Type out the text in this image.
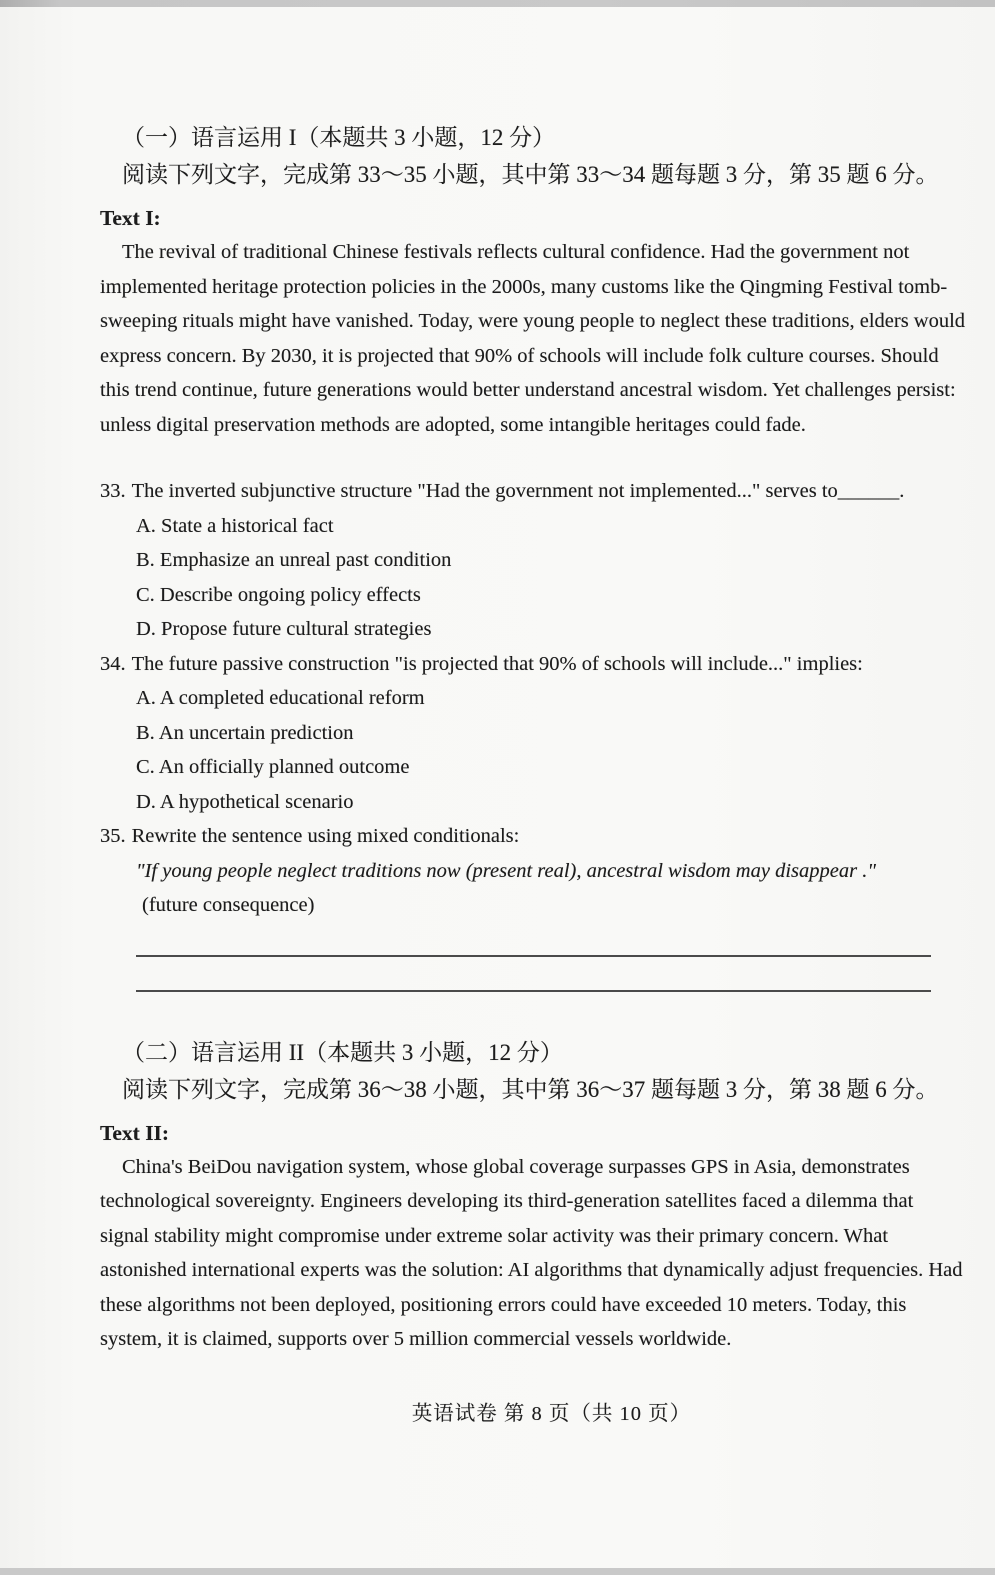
（一）语言运用 I（本题共 3 小题，12 分）
阅读下列文字，完成第 33～35 小题，其中第 33～34 题每题 3 分，第 35 题 6 分。
Text I:

The revival of traditional Chinese festivals reflects cultural confidence. Had the government not implemented heritage protection policies in the 2000s, many customs like the Qingming Festival tomb-sweeping rituals might have vanished. Today, were young people to neglect these traditions, elders would express concern. By 2030, it is projected that 90% of schools will include folk culture courses. Should this trend continue, future generations would better understand ancestral wisdom. Yet challenges persist: unless digital preservation methods are adopted, some intangible heritages could fade.

33. The inverted subjunctive structure "Had the government not implemented..." serves to______.
A. State a historical fact
B. Emphasize an unreal past condition
C. Describe ongoing policy effects
D. Propose future cultural strategies
34. The future passive construction "is projected that 90% of schools will include..." implies:
A. A completed educational reform
B. An uncertain prediction
C. An officially planned outcome
D. A hypothetical scenario
35. Rewrite the sentence using mixed conditionals:
"If young people neglect traditions now (present real), ancestral wisdom may disappear ."(future consequence)
（二）语言运用 II（本题共 3 小题，12 分）
阅读下列文字，完成第 36～38 小题，其中第 36～37 题每题 3 分，第 38 题 6 分。
Text II:

China's BeiDou navigation system, whose global coverage surpasses GPS in Asia, demonstrates technological sovereignty. Engineers developing its third-generation satellites faced a dilemma that signal stability might compromise under extreme solar activity was their primary concern. What astonished international experts was the solution: AI algorithms that dynamically adjust frequencies. Had these algorithms not been deployed, positioning errors could have exceeded 10 meters. Today, this system, it is claimed, supports over 5 million commercial vessels worldwide.

英语试卷 第 8 页（共 10 页）
